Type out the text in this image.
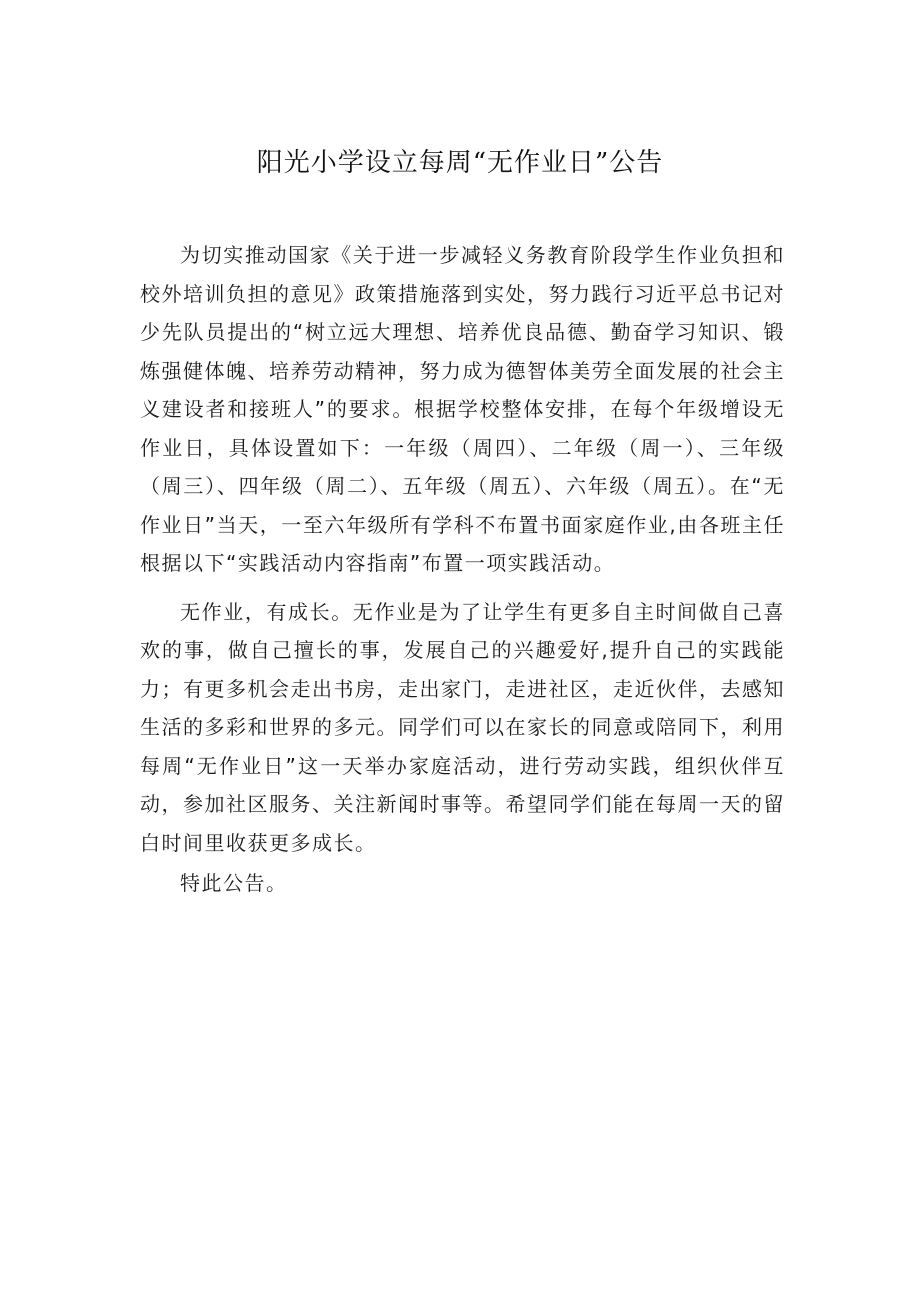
阳光小学设立每周“无作业日”公告

为切实推动国家《关于进一步减轻义务教育阶段学生作业负担和校外培训负担的意见》政策措施落到实处，努力践行习近平总书记对少先队员提出的“树立远大理想、培养优良品德、勤奋学习知识、锻炼强健体魄、培养劳动精神，努力成为德智体美劳全面发展的社会主义建设者和接班人”的要求。根据学校整体安排，在每个年级增设无作业日，具体设置如下：一年级（周四）、二年级（周一）、三年级（周三）、四年级（周二）、五年级（周五）、六年级（周五）。在“无作业日”当天，一至六年级所有学科不布置书面家庭作业,由各班主任根据以下“实践活动内容指南”布置一项实践活动。

无作业，有成长。无作业是为了让学生有更多自主时间做自己喜欢的事，做自己擅长的事，发展自己的兴趣爱好,提升自己的实践能力；有更多机会走出书房，走出家门，走进社区，走近伙伴，去感知生活的多彩和世界的多元。同学们可以在家长的同意或陪同下，利用每周“无作业日”这一天举办家庭活动，进行劳动实践，组织伙伴互动，参加社区服务、关注新闻时事等。希望同学们能在每周一天的留白时间里收获更多成长。

特此公告。
